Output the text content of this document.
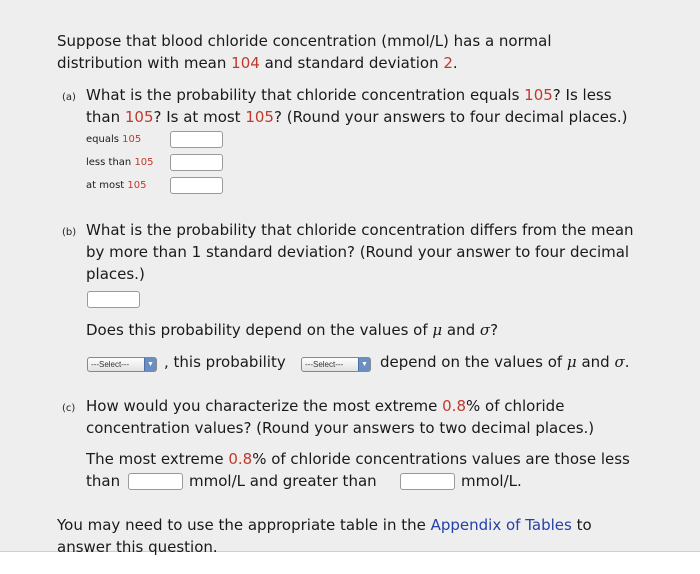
Suppose that blood chloride concentration (mmol/L) has a normal
distribution with mean 104 and standard deviation 2.
(a) What is the probability that chloride concentration equals 105? Is less
than 105? Is at most 105? (Round your answers to four decimal places.)
equals 105
less than 105
at most 105
(b) What is the probability that chloride concentration differs from the mean
by more than 1 standard deviation? (Round your answer to four decimal
places.)
Does this probability depend on the values of μ and σ?
---Select---	▼ , this probability	---Select---	▼ depend on the values of μ and σ.
(c) How would you characterize the most extreme 0.8% of chloride
concentration values? (Round your answers to two decimal places.)
The most extreme 0.8% of chloride concentrations values are those less
than	mmol/L and greater than	mmol/L.
You may need to use the appropriate table in the Appendix of Tables to
answer this question.
